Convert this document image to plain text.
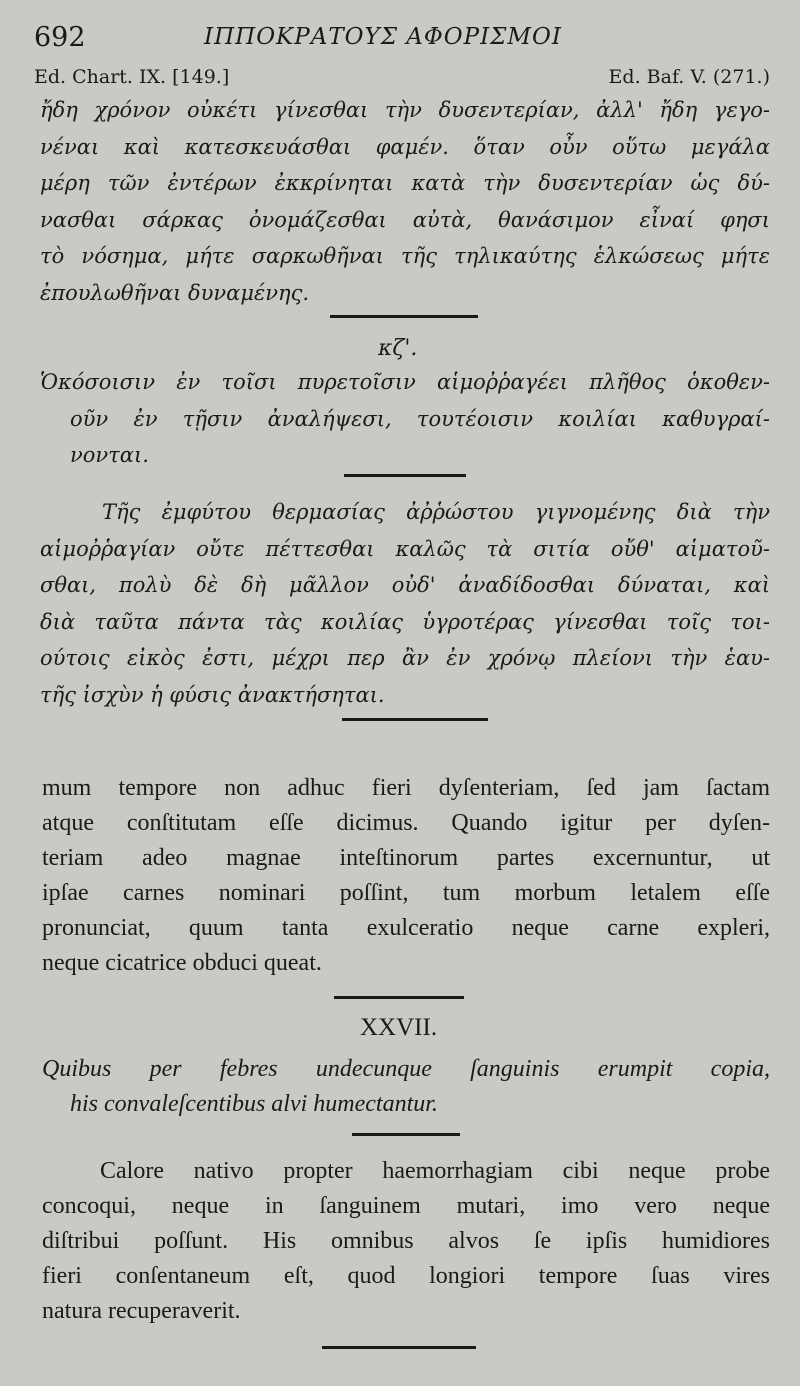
692	ΙΠΠΟΚΡΑΤΟΥΣ ΑΦΟΡΙΣΜΟΙ
Ed. Chart. IX. [149.]	Ed. Baf. V. (271.)
ἤδη χρόνον οὐκέτι γίνεσθαι τὴν δυσεντερίαν, ἀλλ' ἤδη γεγο-
νέναι καὶ κατεσκευάσθαι φαμέν. ὅταν οὖν οὕτω μεγάλα
μέρη τῶν ἐντέρων ἐκκρίνηται κατὰ τὴν δυσεντερίαν ὡς δύ-
νασθαι σάρκας ὀνομάζεσθαι αὐτὰ, θανάσιμον εἶναί φησι
τὸ νόσημα, μήτε σαρκωθῆναι τῆς τηλικαύτης ἑλκώσεως μήτε
ἐπουλωθῆναι δυναμένης.
κζ'.
Ὁκόσοισιν ἐν τοῖσι πυρετοῖσιν αἱμοῤῥαγέει πλῆθος ὁκοθεν-
οῦν ἐν τῇσιν ἀναλήψεσι, τουτέοισιν κοιλίαι καθυγραί-
νονται.
Τῆς ἐμφύτου θερμασίας ἀῤῥώστου γιγνομένης διὰ τὴν
αἱμοῤῥαγίαν οὔτε πέττεσθαι καλῶς τὰ σιτία οὔθ' αἱματοῦ-
σθαι, πολὺ δὲ δὴ μᾶλλον οὐδ' ἀναδίδοσθαι δύναται, καὶ
διὰ ταῦτα πάντα τὰς κοιλίας ὑγροτέρας γίνεσθαι τοῖς τοι-
ούτοις εἰκὸς ἐστι, μέχρι περ ἂν ἐν χρόνῳ πλείονι τὴν ἑαυ-
τῆς ἰσχὺν ἡ φύσις ἀνακτήσηται.
mum tempore non adhuc fieri dyſenteriam, ſed jam ſactam
atque conſtitutam eſſe dicimus. Quando igitur per dyſen-
teriam adeo magnae inteſtinorum partes excernuntur, ut
ipſae carnes nominari poſſint, tum morbum letalem eſſe
pronunciat, quum tanta exulceratio neque carne expleri,
neque cicatrice obduci queat.
XXVII.
Quibus per febres undecunque ſanguinis erumpit copia,
his convaleſcentibus alvi humectantur.
Calore nativo propter haemorrhagiam cibi neque probe
concoqui, neque in ſanguinem mutari, imo vero neque
diſtribui poſſunt. His omnibus alvos ſe ipſis humidiores
fieri conſentaneum eſt, quod longiori tempore ſuas vires
natura recuperaverit.
